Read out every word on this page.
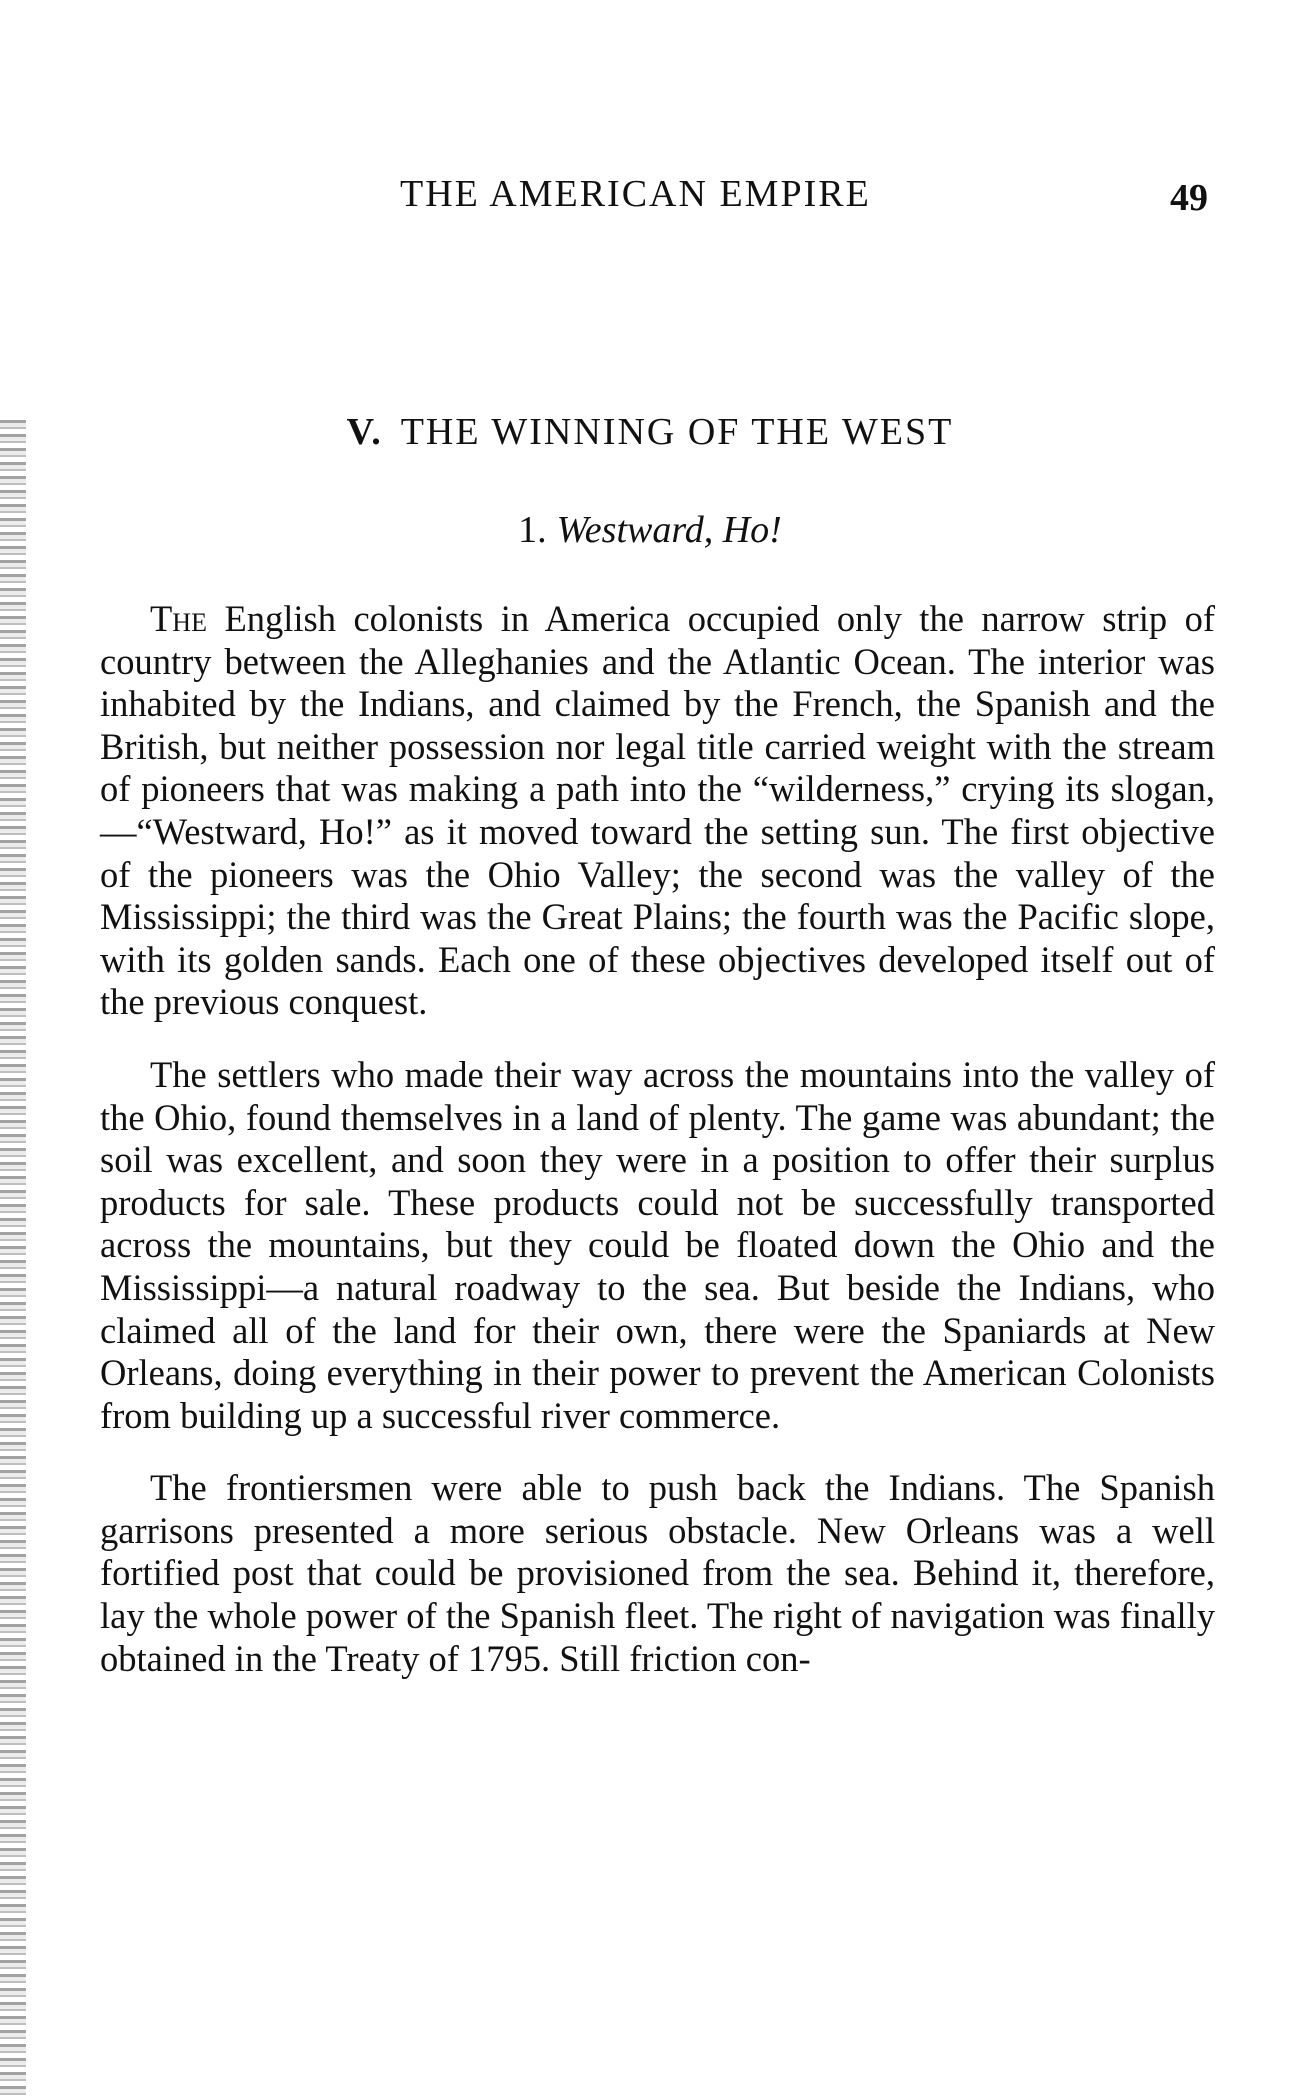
THE AMERICAN EMPIRE	49
V. THE WINNING OF THE WEST
1. Westward, Ho!

The English colonists in America occupied only the narrow strip of country between the Alleghanies and the Atlantic Ocean. The interior was inhabited by the Indians, and claimed by the French, the Spanish and the British, but neither possession nor legal title carried weight with the stream of pioneers that was making a path into the “wilderness,” crying its slogan,—“Westward, Ho!” as it moved toward the setting sun. The first objective of the pioneers was the Ohio Valley; the second was the valley of the Mississippi; the third was the Great Plains; the fourth was the Pacific slope, with its golden sands. Each one of these objectives developed itself out of the previous conquest.

The settlers who made their way across the mountains into the valley of the Ohio, found themselves in a land of plenty. The game was abundant; the soil was excellent, and soon they were in a position to offer their surplus products for sale. These products could not be successfully transported across the mountains, but they could be floated down the Ohio and the Mississippi—a natural roadway to the sea. But beside the Indians, who claimed all of the land for their own, there were the Spaniards at New Orleans, doing everything in their power to prevent the American Colonists from building up a successful river commerce.

The frontiersmen were able to push back the Indians. The Spanish garrisons presented a more serious obstacle. New Orleans was a well fortified post that could be provisioned from the sea. Behind it, therefore, lay the whole power of the Spanish fleet. The right of navigation was finally obtained in the Treaty of 1795. Still friction con-
